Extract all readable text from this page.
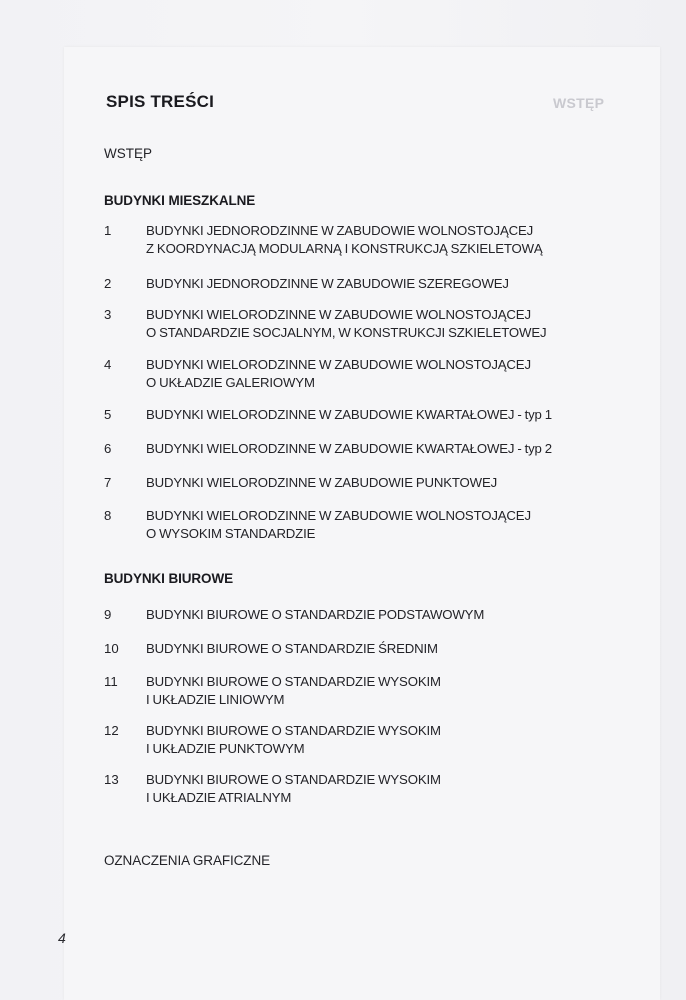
WSTĘP
SPIS TREŚCI
WSTĘP
BUDYNKI MIESZKALNE
1	BUDYNKI JEDNORODZINNE W ZABUDOWIE WOLNOSTOJĄCEJ
Z KOORDYNACJĄ MODULARNĄ I KONSTRUKCJĄ SZKIELETOWĄ
2	BUDYNKI JEDNORODZINNE W ZABUDOWIE SZEREGOWEJ
3	BUDYNKI WIELORODZINNE W ZABUDOWIE WOLNOSTOJĄCEJ
O STANDARDZIE SOCJALNYM, W KONSTRUKCJI SZKIELETOWEJ
4	BUDYNKI WIELORODZINNE W ZABUDOWIE WOLNOSTOJĄCEJ
O UKŁADZIE GALERIOWYM
5	BUDYNKI WIELORODZINNE W ZABUDOWIE KWARTAŁOWEJ - typ 1
6	BUDYNKI WIELORODZINNE W ZABUDOWIE KWARTAŁOWEJ - typ 2
7	BUDYNKI WIELORODZINNE W ZABUDOWIE PUNKTOWEJ
8	BUDYNKI WIELORODZINNE W ZABUDOWIE WOLNOSTOJĄCEJ
O WYSOKIM STANDARDZIE
BUDYNKI BIUROWE
9	BUDYNKI BIUROWE O STANDARDZIE PODSTAWOWYM
10	BUDYNKI BIUROWE O STANDARDZIE ŚREDNIM
11	BUDYNKI BIUROWE O STANDARDZIE WYSOKIM
I UKŁADZIE LINIOWYM
12	BUDYNKI BIUROWE O STANDARDZIE WYSOKIM
I UKŁADZIE PUNKTOWYM
13	BUDYNKI BIUROWE O STANDARDZIE WYSOKIM
I UKŁADZIE ATRIALNYM
OZNACZENIA GRAFICZNE
4
